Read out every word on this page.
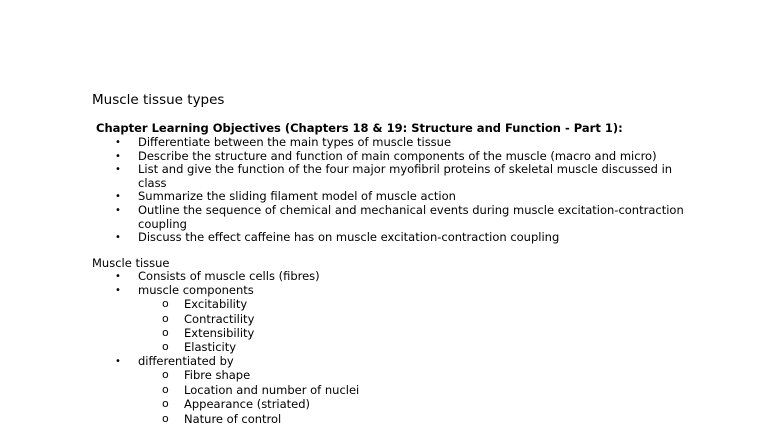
Muscle tissue types
Chapter Learning Objectives (Chapters 18 & 19: Structure and Function - Part 1):
• Differentiate between the main types of muscle tissue
• Describe the structure and function of main components of the muscle (macro and micro)
• List and give the function of the four major myofibril proteins of skeletal muscle discussed in
class
• Summarize the sliding filament model of muscle action
• Outline the sequence of chemical and mechanical events during muscle excitation-contraction
coupling
• Discuss the effect caffeine has on muscle excitation-contraction coupling
Muscle tissue
• Consists of muscle cells (fibres)
• muscle components
o Excitability
o Contractility
o Extensibility
o Elasticity
• differentiated by
o Fibre shape
o Location and number of nuclei
o Appearance (striated)
o Nature of control
